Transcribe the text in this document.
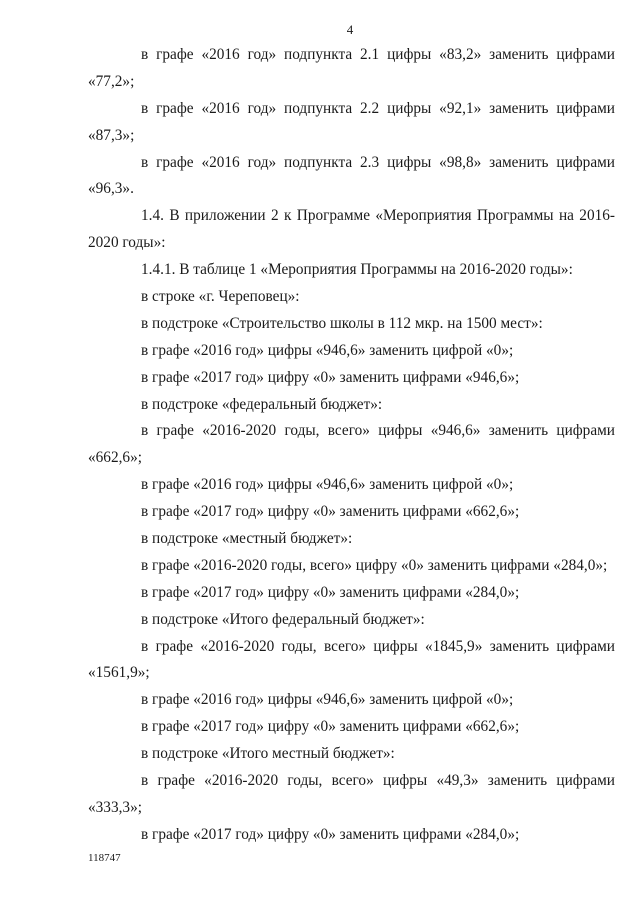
4
в графе «2016 год» подпункта 2.1 цифры «83,2» заменить цифрами
«77,2»;
в графе «2016 год» подпункта 2.2 цифры «92,1» заменить цифрами
«87,3»;
в графе «2016 год» подпункта 2.3 цифры «98,8» заменить цифрами
«96,3».
1.4. В приложении 2 к Программе «Мероприятия Программы на 2016-
2020 годы»:
1.4.1. В таблице 1 «Мероприятия Программы на 2016-2020 годы»:
в строке «г. Череповец»:
в подстроке «Строительство школы в 112 мкр. на 1500 мест»:
в графе «2016 год» цифры «946,6» заменить цифрой «0»;
в графе «2017 год» цифру «0» заменить цифрами «946,6»;
в подстроке «федеральный бюджет»:
в графе «2016-2020 годы, всего» цифры «946,6» заменить цифрами
«662,6»;
в графе «2016 год» цифры «946,6» заменить цифрой «0»;
в графе «2017 год» цифру «0» заменить цифрами «662,6»;
в подстроке «местный бюджет»:
в графе «2016-2020 годы, всего» цифру «0» заменить цифрами «284,0»;
в графе «2017 год» цифру «0» заменить цифрами «284,0»;
в подстроке «Итого федеральный бюджет»:
в графе «2016-2020 годы, всего» цифры «1845,9» заменить цифрами
«1561,9»;
в графе «2016 год» цифры «946,6» заменить цифрой «0»;
в графе «2017 год» цифру «0» заменить цифрами «662,6»;
в подстроке «Итого местный бюджет»:
в графе «2016-2020 годы, всего» цифры «49,3» заменить цифрами
«333,3»;
в графе «2017 год» цифру «0» заменить цифрами «284,0»;
118747
